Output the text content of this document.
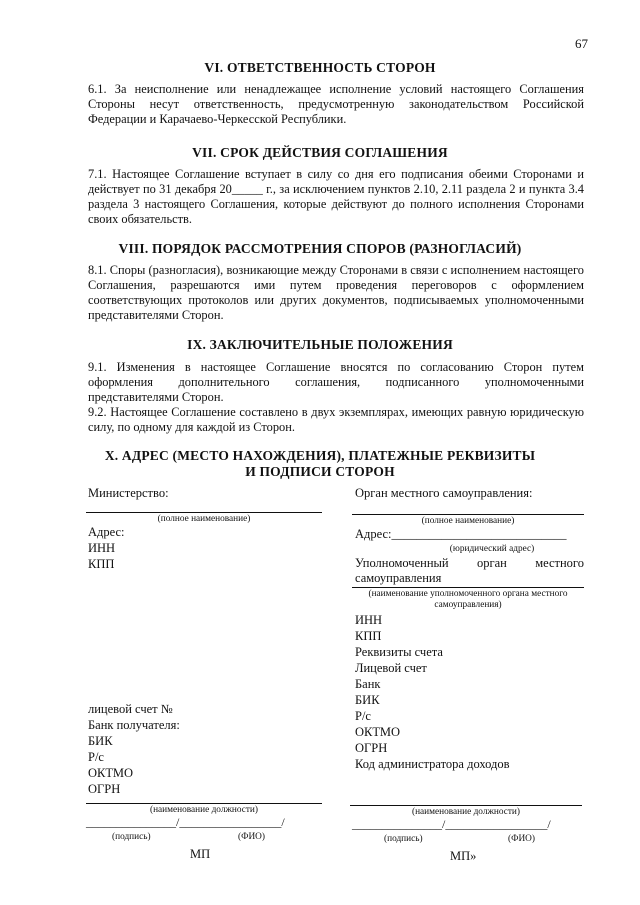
67
VI. ОТВЕТСТВЕННОСТЬ СТОРОН
6.1. За неисполнение или ненадлежащее исполнение условий настоящего Соглашения Стороны несут ответственность, предусмотренную законодательством Российской Федерации и Карачаево-Черкесской Республики.
VII. СРОК ДЕЙСТВИЯ СОГЛАШЕНИЯ
7.1. Настоящее Соглашение вступает в силу со дня его подписания обеими Сторонами и действует по 31 декабря 20_____ г., за исключением пунктов 2.10, 2.11 раздела 2 и пункта 3.4 раздела 3 настоящего Соглашения, которые действуют до полного исполнения Сторонами своих обязательств.
VIII. ПОРЯДОК РАССМОТРЕНИЯ СПОРОВ (РАЗНОГЛАСИЙ)
8.1. Споры (разногласия), возникающие между Сторонами в связи с исполнением настоящего Соглашения, разрешаются ими путем проведения переговоров с оформлением соответствующих протоколов или других документов, подписываемых уполномоченными представителями Сторон.
IX. ЗАКЛЮЧИТЕЛЬНЫЕ ПОЛОЖЕНИЯ
9.1. Изменения в настоящее Соглашение вносятся по согласованию Сторон путем оформления дополнительного соглашения, подписанного уполномоченными представителями Сторон.
9.2. Настоящее Соглашение составлено в двух экземплярах, имеющих равную юридическую силу, по одному для каждой из Сторон.
X. АДРЕС (МЕСТО НАХОЖДЕНИЯ), ПЛАТЕЖНЫЕ РЕКВИЗИТЫ
И ПОДПИСИ СТОРОН
Министерство:
(полное наименование)
Адрес:
ИНН
КПП
лицевой счет №
Банк получателя:
БИК
Р/с
ОКТМО
ОГРН
(наименование должности)
_______________/_________________/
(подпись)	(ФИО)
МП
Орган местного самоуправления:
(полное наименование)
Адрес:____________________________
(юридический адрес)
Уполномоченный орган местного самоуправления
(наименование уполномоченного органа местного самоуправления)
ИНН
КПП
Реквизиты счета
Лицевой счет
Банк
БИК
Р/с
ОКТМО
ОГРН
Код администратора доходов
(наименование должности)
_______________/_________________/
(подпись)	(ФИО)
МП»
